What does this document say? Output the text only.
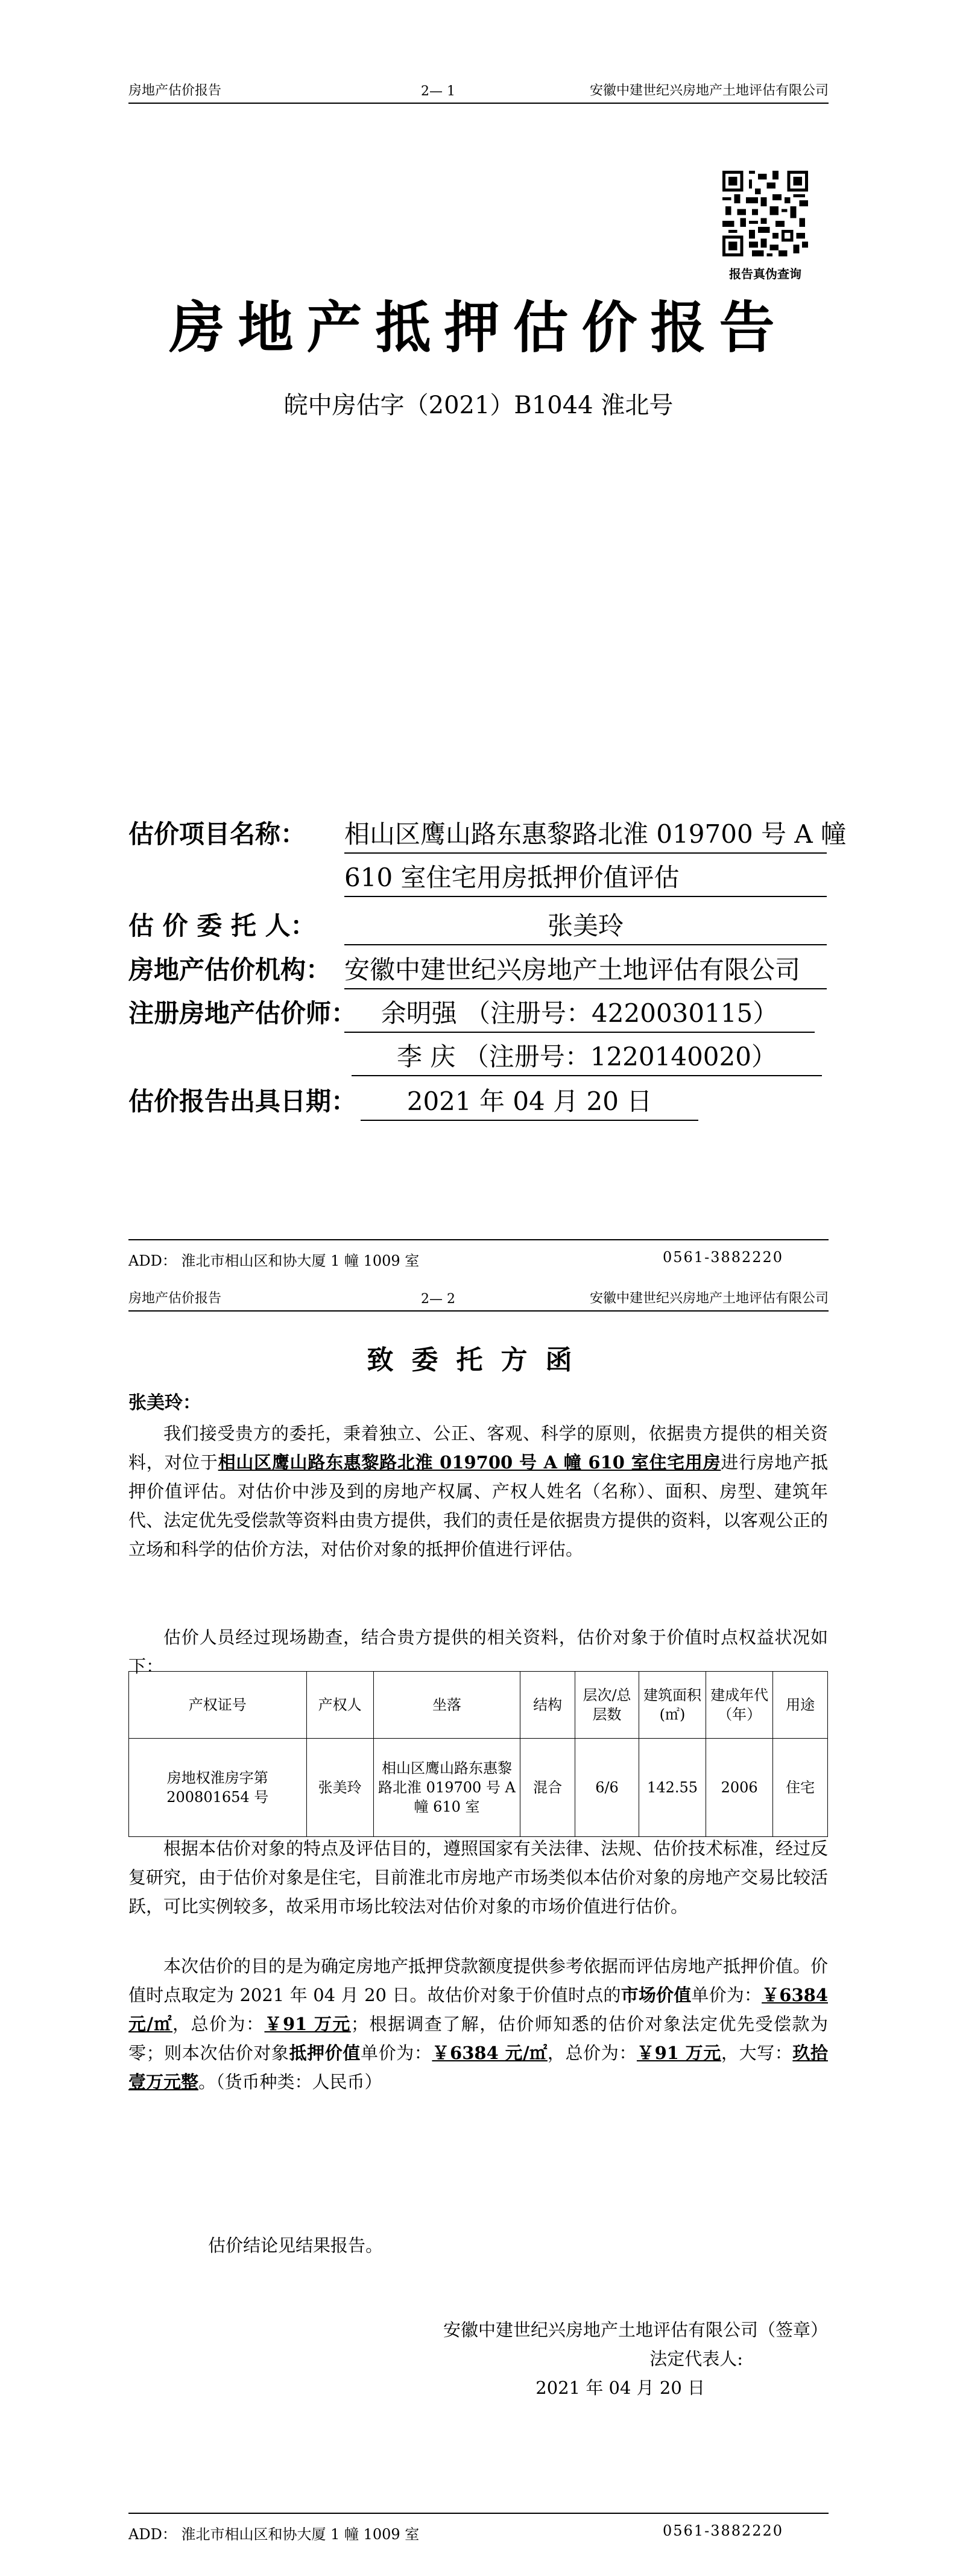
房地产估价报告	2— 1	安徽中建世纪兴房地产土地评估有限公司
报告真伪查询
房地产抵押估价报告
皖中房估字（2021）B1044 淮北号
估价项目名称： 相山区鹰山路东惠黎路北淮 019700 号 A 幢
610 室住宅用房抵押价值评估
估 价 委 托 人：	张美玲
房地产估价机构： 安徽中建世纪兴房地产土地评估有限公司
注册房地产估价师： 余明强 （注册号：4220030115）
李 庆 （注册号：1220140020）
估价报告出具日期：	2021 年 04 月 20 日
ADD： 淮北市相山区和协大厦 1 幢 1009 室	0561-3882220
房地产估价报告	2— 2	安徽中建世纪兴房地产土地评估有限公司
致委托方函
张美玲：
我们接受贵方的委托，秉着独立、公正、客观、科学的原则，依据贵方提供的相关资料，对位于相山区鹰山路东惠黎路北淮 019700 号 A 幢 610 室住宅用房进行房地产抵押价值评估。对估价中涉及到的房地产权属、产权人姓名（名称）、面积、房型、建筑年代、法定优先受偿款等资料由贵方提供，我们的责任是依据贵方提供的资料，以客观公正的立场和科学的估价方法，对估价对象的抵押价值进行评估。
估价人员经过现场勘查，结合贵方提供的相关资料，估价对象于价值时点权益状况如下：
产权证号	产权人	坐落	结构	层次/总层数	建筑面积(㎡)	建成年代（年）	用途
房地权淮房字第 200801654 号	张美玲	相山区鹰山路东惠黎路北淮 019700 号 A 幢 610 室	混合	6/6	142.55	2006	住宅
根据本估价对象的特点及评估目的，遵照国家有关法律、法规、估价技术标准，经过反复研究，由于估价对象是住宅，目前淮北市房地产市场类似本估价对象的房地产交易比较活跃，可比实例较多，故采用市场比较法对估价对象的市场价值进行估价。
本次估价的目的是为确定房地产抵押贷款额度提供参考依据而评估房地产抵押价值。价值时点取定为 2021 年 04 月 20 日。故估价对象于价值时点的市场价值单价为：￥6384 元/㎡，总价为：￥91 万元；根据调查了解，估价师知悉的估价对象法定优先受偿款为零；则本次估价对象抵押价值单价为：￥6384 元/㎡，总价为：￥91 万元，大写：玖拾壹万元整。（货币种类：人民币）
估价结论见结果报告。
安徽中建世纪兴房地产土地评估有限公司（签章）
法定代表人:
2021 年 04 月 20 日
ADD： 淮北市相山区和协大厦 1 幢 1009 室	0561-3882220
